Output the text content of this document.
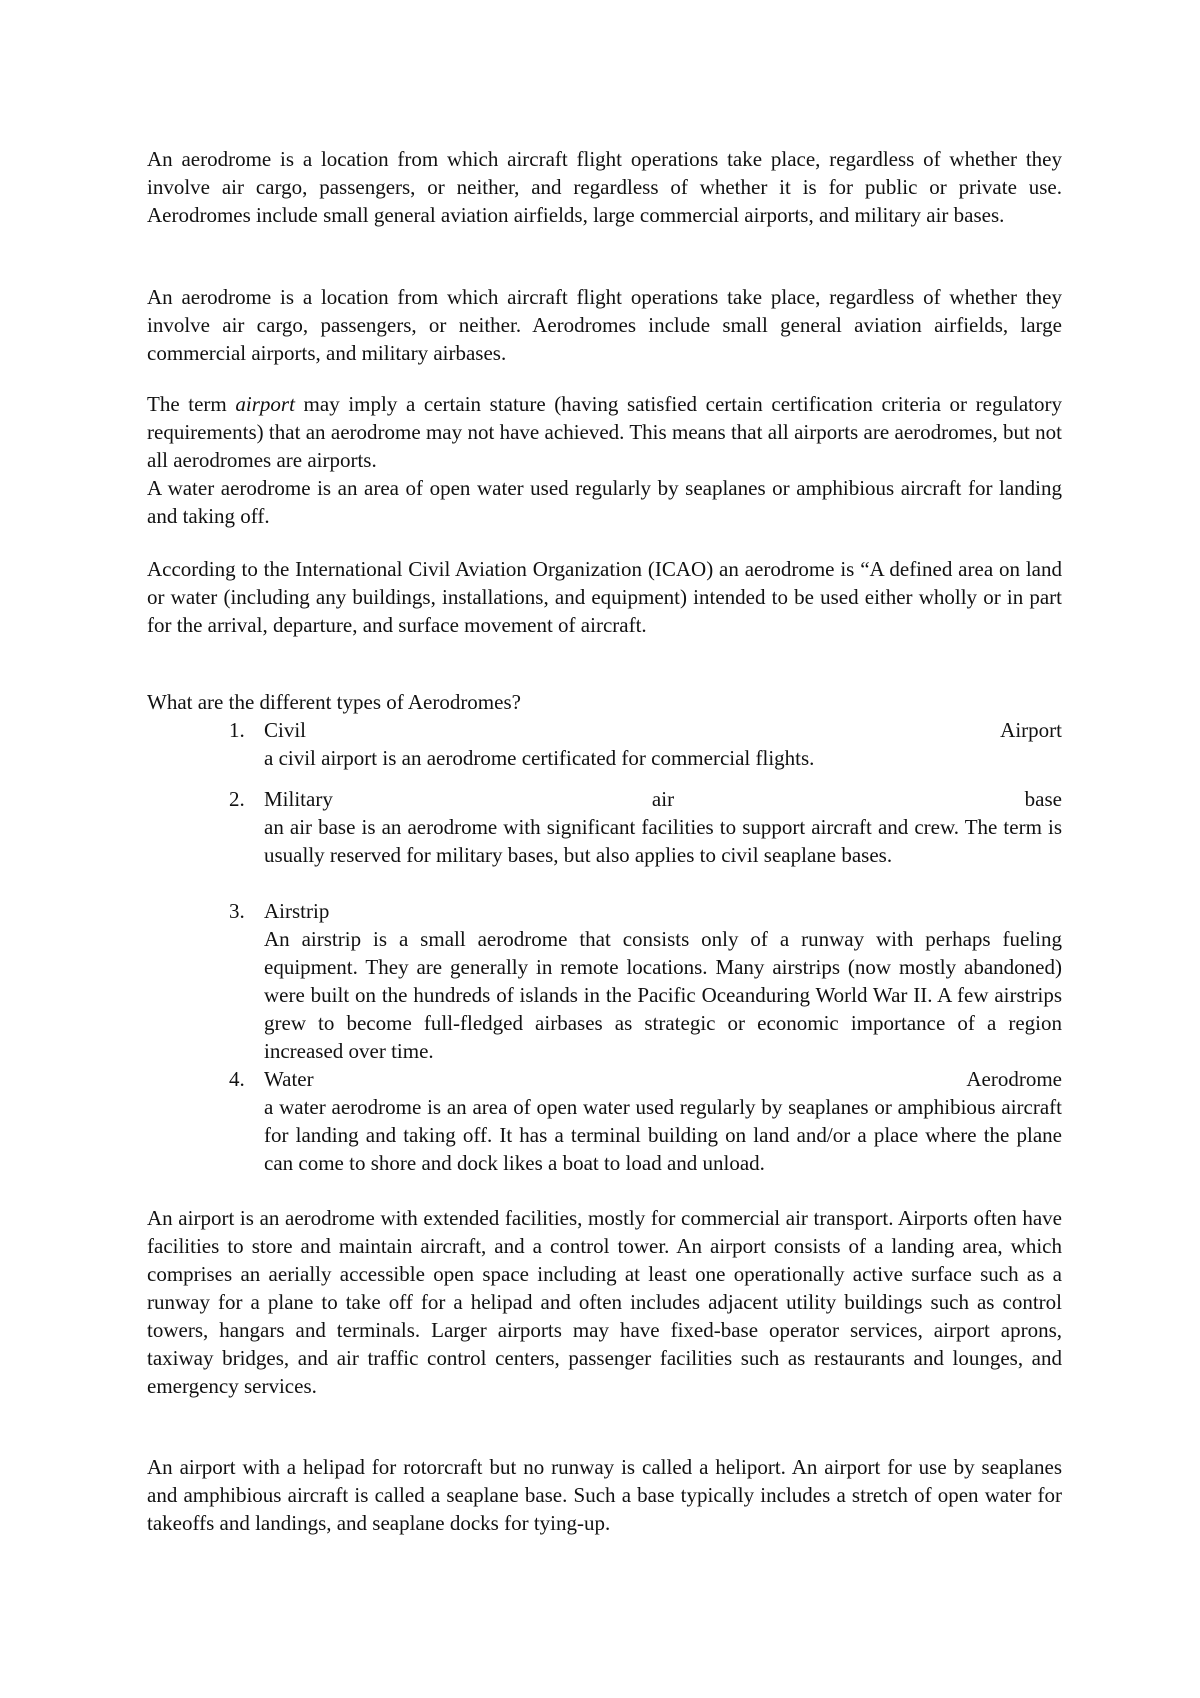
An aerodrome is a location from which aircraft flight operations take place, regardless of whether they involve air cargo, passengers, or neither, and regardless of whether it is for public or private use. Aerodromes include small general aviation airfields, large commercial airports, and military air bases.

An aerodrome is a location from which aircraft flight operations take place, regardless of whether they involve air cargo, passengers, or neither. Aerodromes include small general aviation airfields, large commercial airports, and military airbases.

The term airport may imply a certain stature (having satisfied certain certification criteria or regulatory requirements) that an aerodrome may not have achieved. This means that all airports are aerodromes, but not all aerodromes are airports.

A water aerodrome is an area of open water used regularly by seaplanes or amphibious aircraft for landing and taking off.

According to the International Civil Aviation Organization (ICAO) an aerodrome is “A defined area on land or water (including any buildings, installations, and equipment) intended to be used either wholly or in part for the arrival, departure, and surface movement of aircraft.

What are the different types of Aerodromes?

1. Civil	Airport

a civil airport is an aerodrome certificated for commercial flights.

2. Military	air	base

an air base is an aerodrome with significant facilities to support aircraft and crew. The term is usually reserved for military bases, but also applies to civil seaplane bases.

3. Airstrip

An airstrip is a small aerodrome that consists only of a runway with perhaps fueling equipment. They are generally in remote locations. Many airstrips (now mostly abandoned) were built on the hundreds of islands in the Pacific Oceanduring World War II. A few airstrips grew to become full-fledged airbases as strategic or economic importance of a region increased over time.

4. Water	Aerodrome

a water aerodrome is an area of open water used regularly by seaplanes or amphibious aircraft for landing and taking off. It has a terminal building on land and/or a place where the plane can come to shore and dock likes a boat to load and unload.

An airport is an aerodrome with extended facilities, mostly for commercial air transport. Airports often have facilities to store and maintain aircraft, and a control tower. An airport consists of a landing area, which comprises an aerially accessible open space including at least one operationally active surface such as a runway for a plane to take off for a helipad and often includes adjacent utility buildings such as control towers, hangars and terminals. Larger airports may have fixed-base operator services, airport aprons, taxiway bridges, and air traffic control centers, passenger facilities such as restaurants and lounges, and emergency services.

An airport with a helipad for rotorcraft but no runway is called a heliport. An airport for use by seaplanes and amphibious aircraft is called a seaplane base. Such a base typically includes a stretch of open water for takeoffs and landings, and seaplane docks for tying-up.
